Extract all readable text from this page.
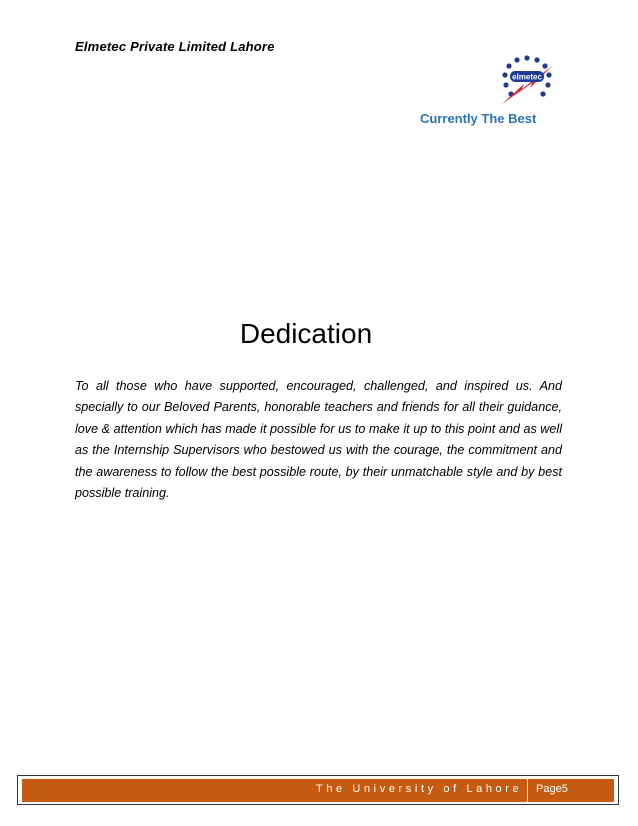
Elmetec Private Limited Lahore
elmetec
Currently The Best
Dedication
To all those who have supported, encouraged, challenged, and inspired us. And specially to our Beloved Parents, honorable teachers and friends for all their guidance, love & attention which has made it possible for us to make it up to this point and as well as the Internship Supervisors who bestowed us with the courage, the commitment and the awareness to follow the best possible route, by their unmatchable style and by best possible training.
The University of Lahore Page5
